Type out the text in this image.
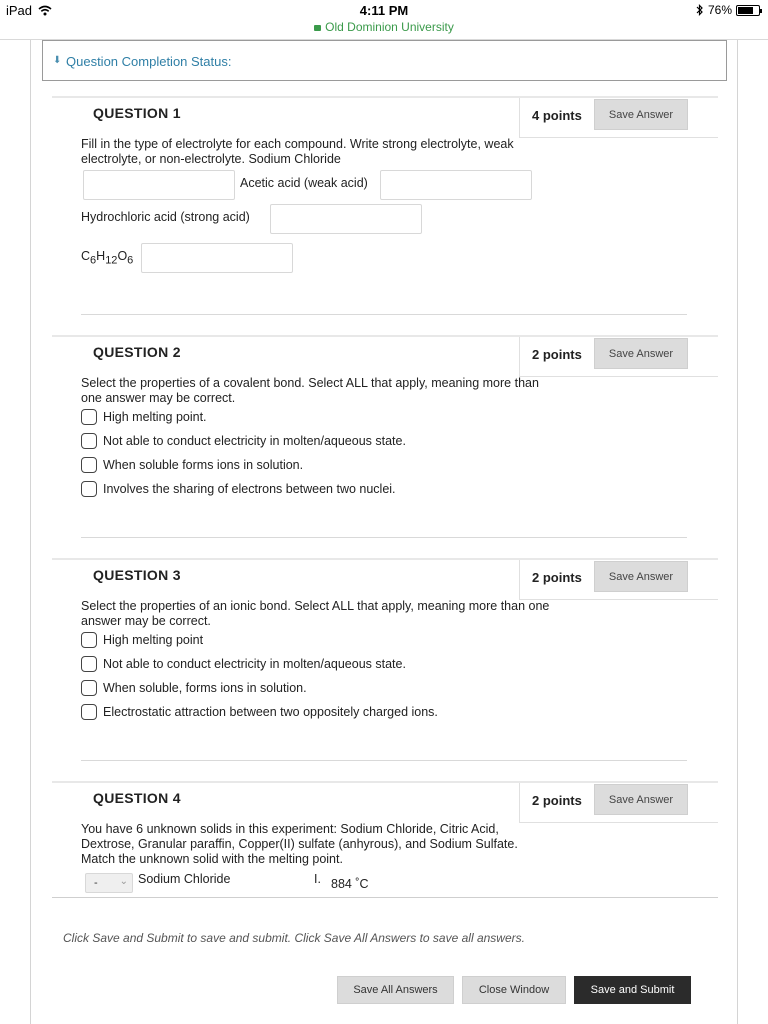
iPad	4:11 PM
Old Dominion University
76%
⬇︎ Question Completion Status:
QUESTION 1	4 points	Save Answer
Fill in the type of electrolyte for each compound. Write strong electrolyte, weak electrolyte, or non-electrolyte. Sodium Chloride
Acetic acid (weak acid)
Hydrochloric acid (strong acid)
$C_6H_{12}O_6$
QUESTION 2	2 points	Save Answer
Select the properties of a covalent bond. Select ALL that apply, meaning more than one answer may be correct.
High melting point.
Not able to conduct electricity in molten/aqueous state.
When soluble forms ions in solution.
Involves the sharing of electrons between two nuclei.
QUESTION 3	2 points	Save Answer
Select the properties of an ionic bond. Select ALL that apply, meaning more than one answer may be correct.
High melting point
Not able to conduct electricity in molten/aqueous state.
When soluble, forms ions in solution.
Electrostatic attraction between two oppositely charged ions.
QUESTION 4	2 points	Save Answer
You have 6 unknown solids in this experiment: Sodium Chloride, Citric Acid, Dextrose, Granular paraffin, Copper(II) sulfate (anhyrous), and Sodium Sulfate. Match the unknown solid with the melting point.
- ⌄ Sodium Chloride	I. 884 ˚C
Click Save and Submit to save and submit. Click Save All Answers to save all answers.
Save All Answers	Close Window	Save and Submit
